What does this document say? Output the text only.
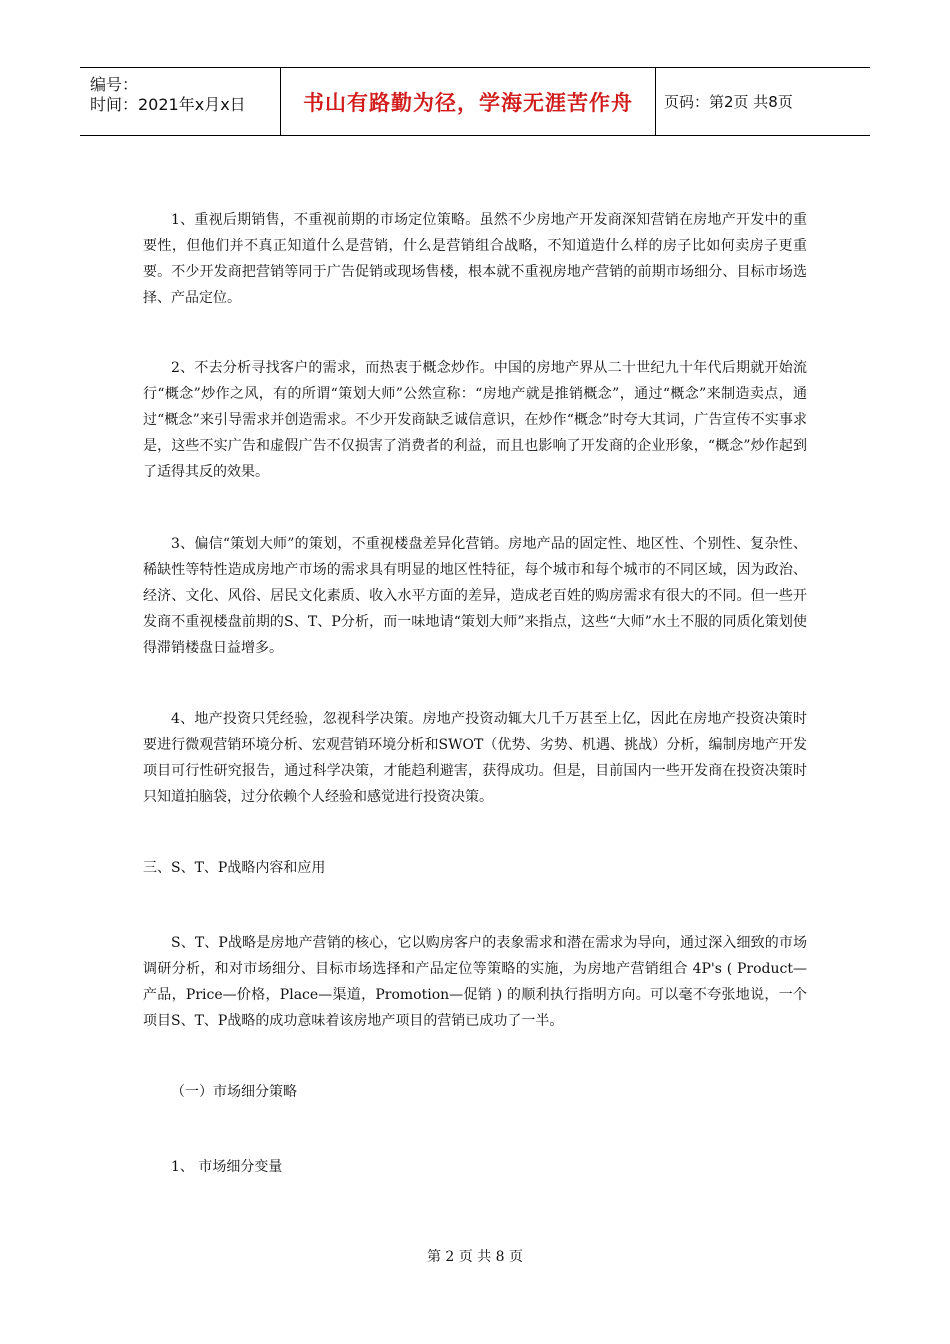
编号：
时间：2021年x月x日	书山有路勤为径，学海无涯苦作舟 页码：第2页 共8页

1、重视后期销售，不重视前期的市场定位策略。虽然不少房地产开发商深知营销在房地产开发中的重要性，但他们并不真正知道什么是营销，什么是营销组合战略，不知道造什么样的房子比如何卖房子更重要。不少开发商把营销等同于广告促销或现场售楼，根本就不重视房地产营销的前期市场细分、目标市场选择、产品定位。

2、不去分析寻找客户的需求，而热衷于概念炒作。中国的房地产界从二十世纪九十年代后期就开始流行“概念”炒作之风，有的所谓“策划大师”公然宣称：“房地产就是推销概念”，通过“概念”来制造卖点，通过“概念”来引导需求并创造需求。不少开发商缺乏诚信意识，在炒作“概念”时夸大其词，广告宣传不实事求是，这些不实广告和虚假广告不仅损害了消费者的利益，而且也影响了开发商的企业形象，“概念”炒作起到了适得其反的效果。

3、偏信“策划大师”的策划，不重视楼盘差异化营销。房地产品的固定性、地区性、个别性、复杂性、稀缺性等特性造成房地产市场的需求具有明显的地区性特征，每个城市和每个城市的不同区域，因为政治、经济、文化、风俗、居民文化素质、收入水平方面的差异，造成老百姓的购房需求有很大的不同。但一些开发商不重视楼盘前期的S、T、P分析，而一味地请“策划大师”来指点，这些“大师”水土不服的同质化策划使得滞销楼盘日益增多。

4、地产投资只凭经验，忽视科学决策。房地产投资动辄大几千万甚至上亿，因此在房地产投资决策时要进行微观营销环境分析、宏观营销环境分析和SWOT（优势、劣势、机遇、挑战）分析，编制房地产开发项目可行性研究报告，通过科学决策，才能趋利避害，获得成功。但是，目前国内一些开发商在投资决策时只知道拍脑袋，过分依赖个人经验和感觉进行投资决策。

三、S、T、P战略内容和应用

S、T、P战略是房地产营销的核心，它以购房客户的表象需求和潜在需求为导向，通过深入细致的市场调研分析，和对市场细分、目标市场选择和产品定位等策略的实施，为房地产营销组合 4P's ( Product—产品，Price—价格，Place—渠道，Promotion—促销 ) 的顺利执行指明方向。可以毫不夸张地说，一个项目S、T、P战略的成功意味着该房地产项目的营销已成功了一半。

（一）市场细分策略

1、 市场细分变量

第 2 页 共 8 页
